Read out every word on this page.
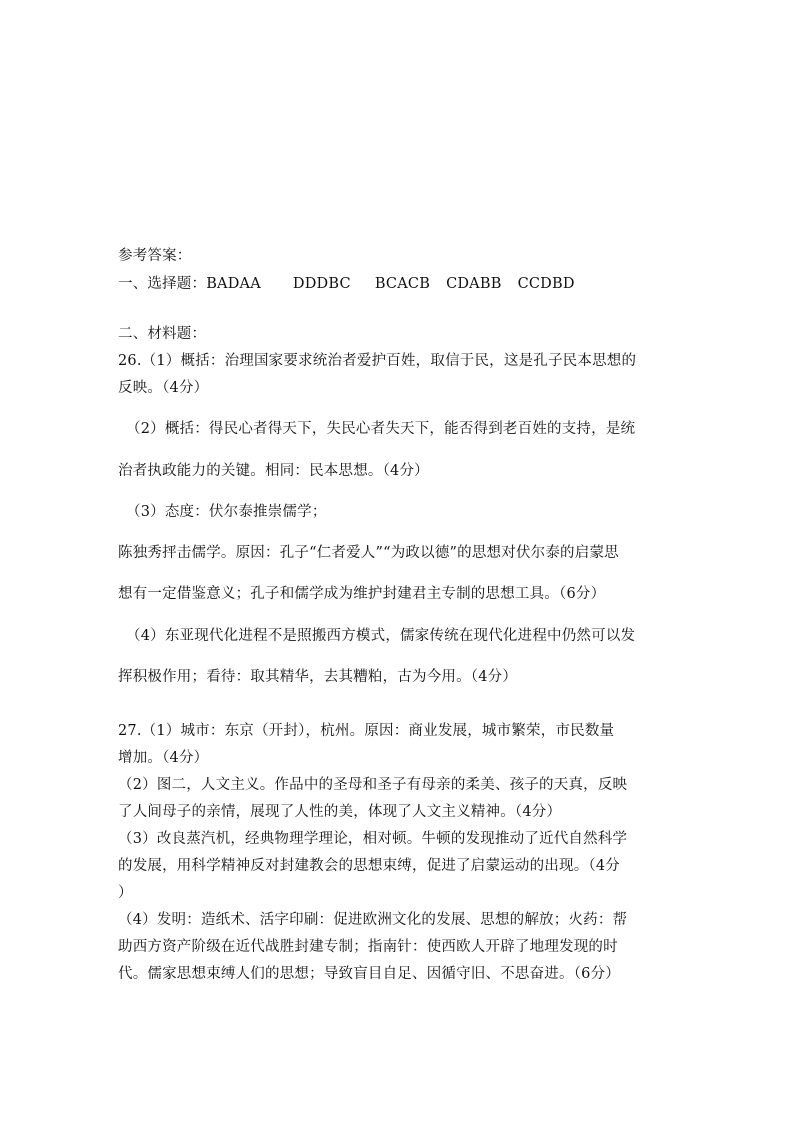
参考答案：
一、选择题：BADAA DDDBC BCACB CDABB CCDBD
二、材料题：
26.（1）概括：治理国家要求统治者爱护百姓，取信于民，这是孔子民本思想的
反映。（4分）
（2）概括：得民心者得天下，失民心者失天下，能否得到老百姓的支持，是统
治者执政能力的关键。相同：民本思想。（4分）
（3）态度：伏尔泰推崇儒学；
陈独秀抨击儒学。原因：孔子“仁者爱人”“为政以德”的思想对伏尔泰的启蒙思
想有一定借鉴意义；孔子和儒学成为维护封建君主专制的思想工具。（6分）
（4）东亚现代化进程不是照搬西方模式，儒家传统在现代化进程中仍然可以发
挥积极作用；看待：取其精华，去其糟粕，古为今用。（4分）
27.（1）城市：东京（开封），杭州。原因：商业发展，城市繁荣，市民数量
增加。（4分）
（2）图二，人文主义。作品中的圣母和圣子有母亲的柔美、孩子的天真，反映
了人间母子的亲情，展现了人性的美，体现了人文主义精神。（4分）
（3）改良蒸汽机，经典物理学理论，相对顿。牛顿的发现推动了近代自然科学
的发展，用科学精神反对封建教会的思想束缚，促进了启蒙运动的出现。（4分
）
（4）发明：造纸术、活字印刷：促进欧洲文化的发展、思想的解放；火药：帮
助西方资产阶级在近代战胜封建专制；指南针：使西欧人开辟了地理发现的时
代。儒家思想束缚人们的思想；导致盲目自足、因循守旧、不思奋进。（6分）
